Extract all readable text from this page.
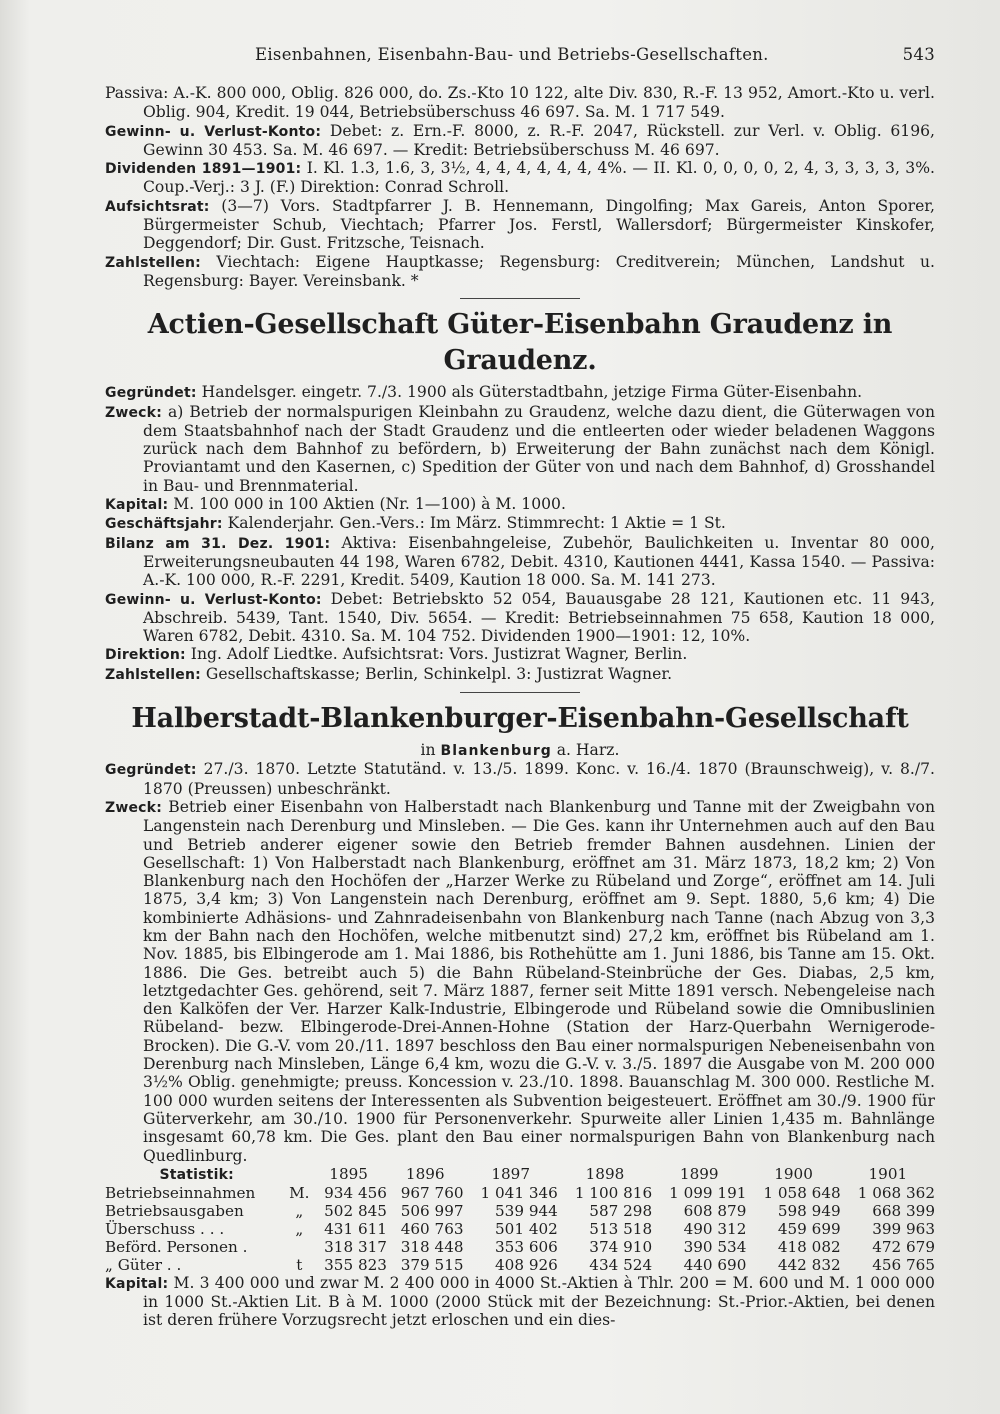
Eisenbahnen, Eisenbahn-Bau- und Betriebs-Gesellschaften.	543

Passiva: A.-K. 800 000, Oblig. 826 000, do. Zs.-Kto 10 122, alte Div. 830, R.-F. 13 952, Amort.-Kto u. verl. Oblig. 904, Kredit. 19 044, Betriebsüberschuss 46 697. Sa. M. 1 717 549.

Gewinn- u. Verlust-Konto: Debet: z. Ern.-F. 8000, z. R.-F. 2047, Rückstell. zur Verl. v. Oblig. 6196, Gewinn 30 453. Sa. M. 46 697. — Kredit: Betriebsüberschuss M. 46 697.

Dividenden 1891—1901: I. Kl. 1.3, 1.6, 3, 3½, 4, 4, 4, 4, 4, 4, 4%. — II. Kl. 0, 0, 0, 0, 2, 4, 3, 3, 3, 3, 3%. Coup.-Verj.: 3 J. (F.) Direktion: Conrad Schroll.

Aufsichtsrat: (3—7) Vors. Stadtpfarrer J. B. Hennemann, Dingolfing; Max Gareis, Anton Sporer, Bürgermeister Schub, Viechtach; Pfarrer Jos. Ferstl, Wallersdorf; Bürgermeister Kinskofer, Deggendorf; Dir. Gust. Fritzsche, Teisnach.

Zahlstellen: Viechtach: Eigene Hauptkasse; Regensburg: Creditverein; München, Landshut u. Regensburg: Bayer. Vereinsbank. *

Actien-Gesellschaft Güter-Eisenbahn Graudenz in Graudenz.

Gegründet: Handelsger. eingetr. 7./3. 1900 als Güterstadtbahn, jetzige Firma Güter-Eisenbahn.

Zweck: a) Betrieb der normalspurigen Kleinbahn zu Graudenz, welche dazu dient, die Güterwagen von dem Staatsbahnhof nach der Stadt Graudenz und die entleerten oder wieder beladenen Waggons zurück nach dem Bahnhof zu befördern, b) Erweiterung der Bahn zunächst nach dem Königl. Proviantamt und den Kasernen, c) Spedition der Güter von und nach dem Bahnhof, d) Grosshandel in Bau- und Brennmaterial.

Kapital: M. 100 000 in 100 Aktien (Nr. 1—100) à M. 1000.

Geschäftsjahr: Kalenderjahr. Gen.-Vers.: Im März. Stimmrecht: 1 Aktie = 1 St.

Bilanz am 31. Dez. 1901: Aktiva: Eisenbahngeleise, Zubehör, Baulichkeiten u. Inventar 80 000, Erweiterungsneubauten 44 198, Waren 6782, Debit. 4310, Kautionen 4441, Kassa 1540. — Passiva: A.-K. 100 000, R.-F. 2291, Kredit. 5409, Kaution 18 000. Sa. M. 141 273.

Gewinn- u. Verlust-Konto: Debet: Betriebskto 52 054, Bauausgabe 28 121, Kautionen etc. 11 943, Abschreib. 5439, Tant. 1540, Div. 5654. — Kredit: Betriebseinnahmen 75 658, Kaution 18 000, Waren 6782, Debit. 4310. Sa. M. 104 752. Dividenden 1900—1901: 12, 10%.

Direktion: Ing. Adolf Liedtke. Aufsichtsrat: Vors. Justizrat Wagner, Berlin.

Zahlstellen: Gesellschaftskasse; Berlin, Schinkelpl. 3: Justizrat Wagner.

Halberstadt-Blankenburger-Eisenbahn-Gesellschaft

in Blankenburg a. Harz.

Gegründet: 27./3. 1870. Letzte Statutänd. v. 13./5. 1899. Konc. v. 16./4. 1870 (Braunschweig), v. 8./7. 1870 (Preussen) unbeschränkt.

Zweck: Betrieb einer Eisenbahn von Halberstadt nach Blankenburg und Tanne mit der Zweigbahn von Langenstein nach Derenburg und Minsleben. — Die Ges. kann ihr Unternehmen auch auf den Bau und Betrieb anderer eigener sowie den Betrieb fremder Bahnen ausdehnen. Linien der Gesellschaft: 1) Von Halberstadt nach Blankenburg, eröffnet am 31. März 1873, 18,2 km; 2) Von Blankenburg nach den Hochöfen der „Harzer Werke zu Rübeland und Zorge“, eröffnet am 14. Juli 1875, 3,4 km; 3) Von Langenstein nach Derenburg, eröffnet am 9. Sept. 1880, 5,6 km; 4) Die kombinierte Adhäsions- und Zahnradeisenbahn von Blankenburg nach Tanne (nach Abzug von 3,3 km der Bahn nach den Hochöfen, welche mitbenutzt sind) 27,2 km, eröffnet bis Rübeland am 1. Nov. 1885, bis Elbingerode am 1. Mai 1886, bis Rothehütte am 1. Juni 1886, bis Tanne am 15. Okt. 1886. Die Ges. betreibt auch 5) die Bahn Rübeland-Steinbrüche der Ges. Diabas, 2,5 km, letztgedachter Ges. gehörend, seit 7. März 1887, ferner seit Mitte 1891 versch. Nebengeleise nach den Kalköfen der Ver. Harzer Kalk-Industrie, Elbingerode und Rübeland sowie die Omnibuslinien Rübeland- bezw. Elbingerode-Drei-Annen-Hohne (Station der Harz-Querbahn Wernigerode-Brocken). Die G.-V. vom 20./11. 1897 beschloss den Bau einer normalspurigen Nebeneisenbahn von Derenburg nach Minsleben, Länge 6,4 km, wozu die G.-V. v. 3./5. 1897 die Ausgabe von M. 200 000 3½% Oblig. genehmigte; preuss. Koncession v. 23./10. 1898. Bauanschlag M. 300 000. Restliche M. 100 000 wurden seitens der Interessenten als Subvention beigesteuert. Eröffnet am 30./9. 1900 für Güterverkehr, am 30./10. 1900 für Personenverkehr. Spurweite aller Linien 1,435 m. Bahnlänge insgesamt 60,78 km. Die Ges. plant den Bau einer normalspurigen Bahn von Blankenburg nach Quedlinburg.

Statistik:		1895	1896	1897	1898	1899	1900	1901
Betriebseinnahmen	M.	934 456	967 760	1 041 346	1 100 816	1 099 191	1 058 648	1 068 362
Betriebsausgaben	„	502 845	506 997	539 944	587 298	608 879	598 949	668 399
Überschuss . . .	„	431 611	460 763	501 402	513 518	490 312	459 699	399 963
Beförd. Personen .		318 317	318 448	353 606	374 910	390 534	418 082	472 679
„ Güter . .	t	355 823	379 515	408 926	434 524	440 690	442 832	456 765

Kapital: M. 3 400 000 und zwar M. 2 400 000 in 4000 St.-Aktien à Thlr. 200 = M. 600 und M. 1 000 000 in 1000 St.-Aktien Lit. B à M. 1000 (2000 Stück mit der Bezeichnung: St.-Prior.-Aktien, bei denen ist deren frühere Vorzugsrecht jetzt erloschen und ein dies-
